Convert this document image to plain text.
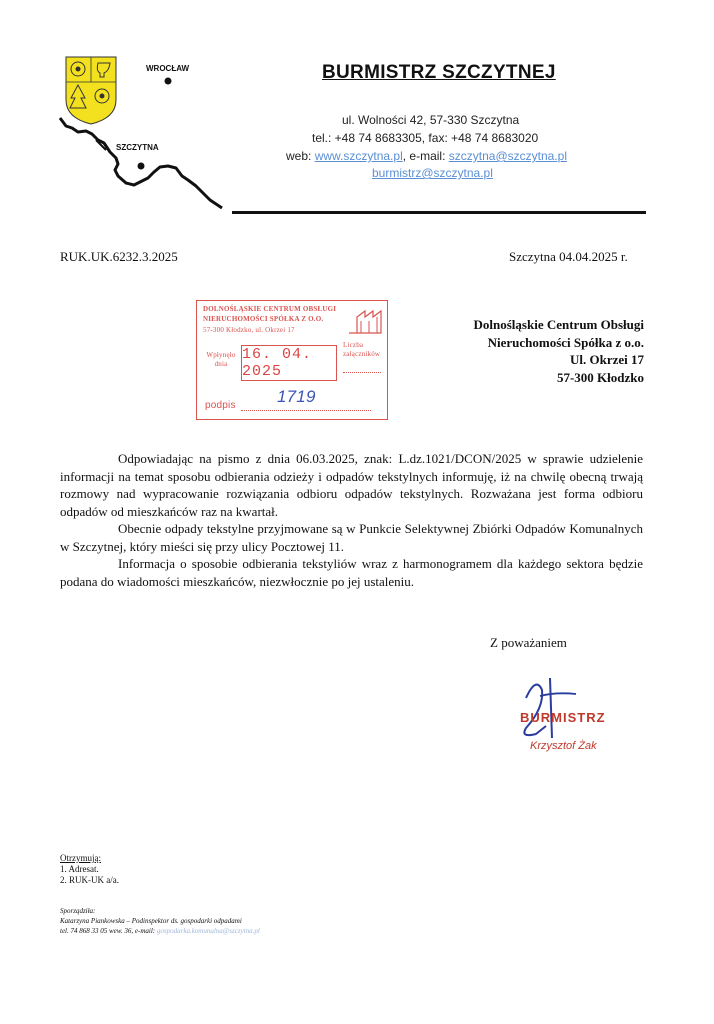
WROCŁAW
SZCZYTNA
BURMISTRZ SZCZYTNEJ
ul. Wolności 42, 57-330 Szczytna
tel.: +48 74 8683305, fax: +48 74 8683020
web: www.szczytna.pl, e-mail: szczytna@szczytna.pl
burmistrz@szczytna.pl
RUK.UK.6232.3.2025	Szczytna 04.04.2025 r.
DOLNOŚLĄSKIE CENTRUM OBSŁUGI
NIERUCHOMOŚCI SPÓŁKA Z O.O.
57-300 Kłodzko, ul. Okrzei 17
Wpłynęło dnia
16. 04. 2025
Liczba załączników
podpis 1719
Dolnośląskie Centrum Obsługi
Nieruchomości Spółka z o.o.
Ul. Okrzei 17
57-300 Kłodzko

Odpowiadając na pismo z dnia 06.03.2025, znak: L.dz.1021/DCON/2025 w sprawie udzielenie informacji na temat sposobu odbierania odzieży i odpadów tekstylnych informuję, iż na chwilę obecną trwają rozmowy nad wypracowanie rozwiązania odbioru odpadów tekstylnych. Rozważana jest forma odbioru odpadów od mieszkańców raz na kwartał.

Obecnie odpady tekstylne przyjmowane są w Punkcie Selektywnej Zbiórki Odpadów Komunalnych w Szczytnej, który mieści się przy ulicy Pocztowej 11.

Informacja o sposobie odbierania tekstyliów wraz z harmonogramem dla każdego sektora będzie podana do wiadomości mieszkańców, niezwłocznie po jej ustaleniu.

Z poważaniem
BURMISTRZ
Krzysztof Żak
Otrzymują:
1. Adresat.
2. RUK-UK a/a.
Sporządziła:
Katarzyna Piankowska – Podinspektor ds. gospodarki odpadami
tel. 74 868 33 05 wew. 36, e-mail: gospodarka.komunalna@szczytna.pl
